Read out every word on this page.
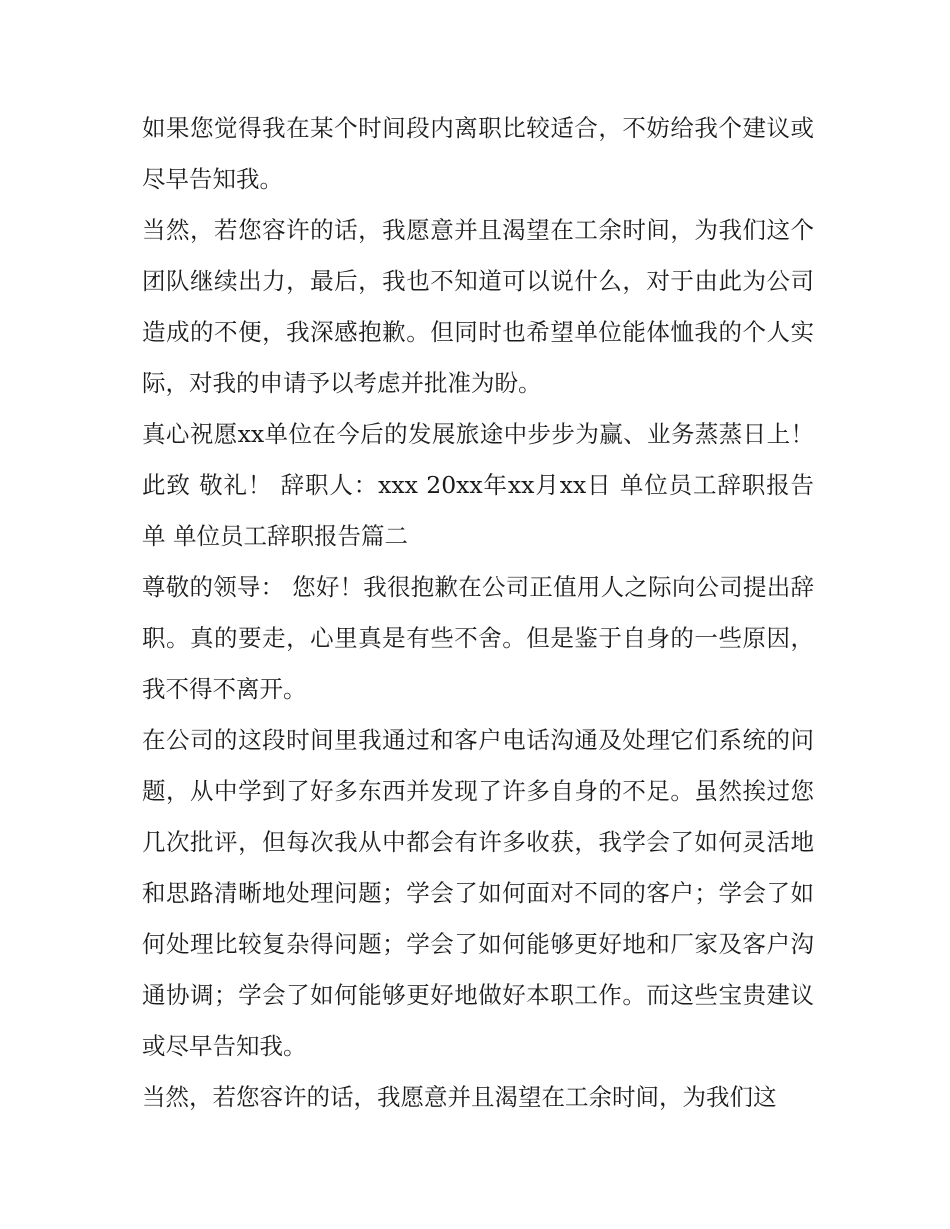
如果您觉得我在某个时间段内离职比较适合，不妨给我个建议或尽早告知我。

当然，若您容许的话，我愿意并且渴望在工余时间，为我们这个团队继续出力，最后，我也不知道可以说什么，对于由此为公司造成的不便，我深感抱歉。但同时也希望单位能体恤我的个人实际，对我的申请予以考虑并批准为盼。

真心祝愿xx单位在今后的发展旅途中步步为赢、业务蒸蒸日上！ 此致 敬礼！ 辞职人：xxx 20xx年xx月xx日 单位员工辞职报告单 单位员工辞职报告篇二

尊敬的领导： 您好！我很抱歉在公司正值用人之际向公司提出辞职。真的要走，心里真是有些不舍。但是鉴于自身的一些原因，我不得不离开。

在公司的这段时间里我通过和客户电话沟通及处理它们系统的问题，从中学到了好多东西并发现了许多自身的不足。虽然挨过您几次批评，但每次我从中都会有许多收获，我学会了如何灵活地和思路清晰地处理问题；学会了如何面对不同的客户；学会了如何处理比较复杂得问题；学会了如何能够更好地和厂家及客户沟通协调；学会了如何能够更好地做好本职工作。而这些宝贵建议或尽早告知我。

当然，若您容许的话，我愿意并且渴望在工余时间，为我们这
